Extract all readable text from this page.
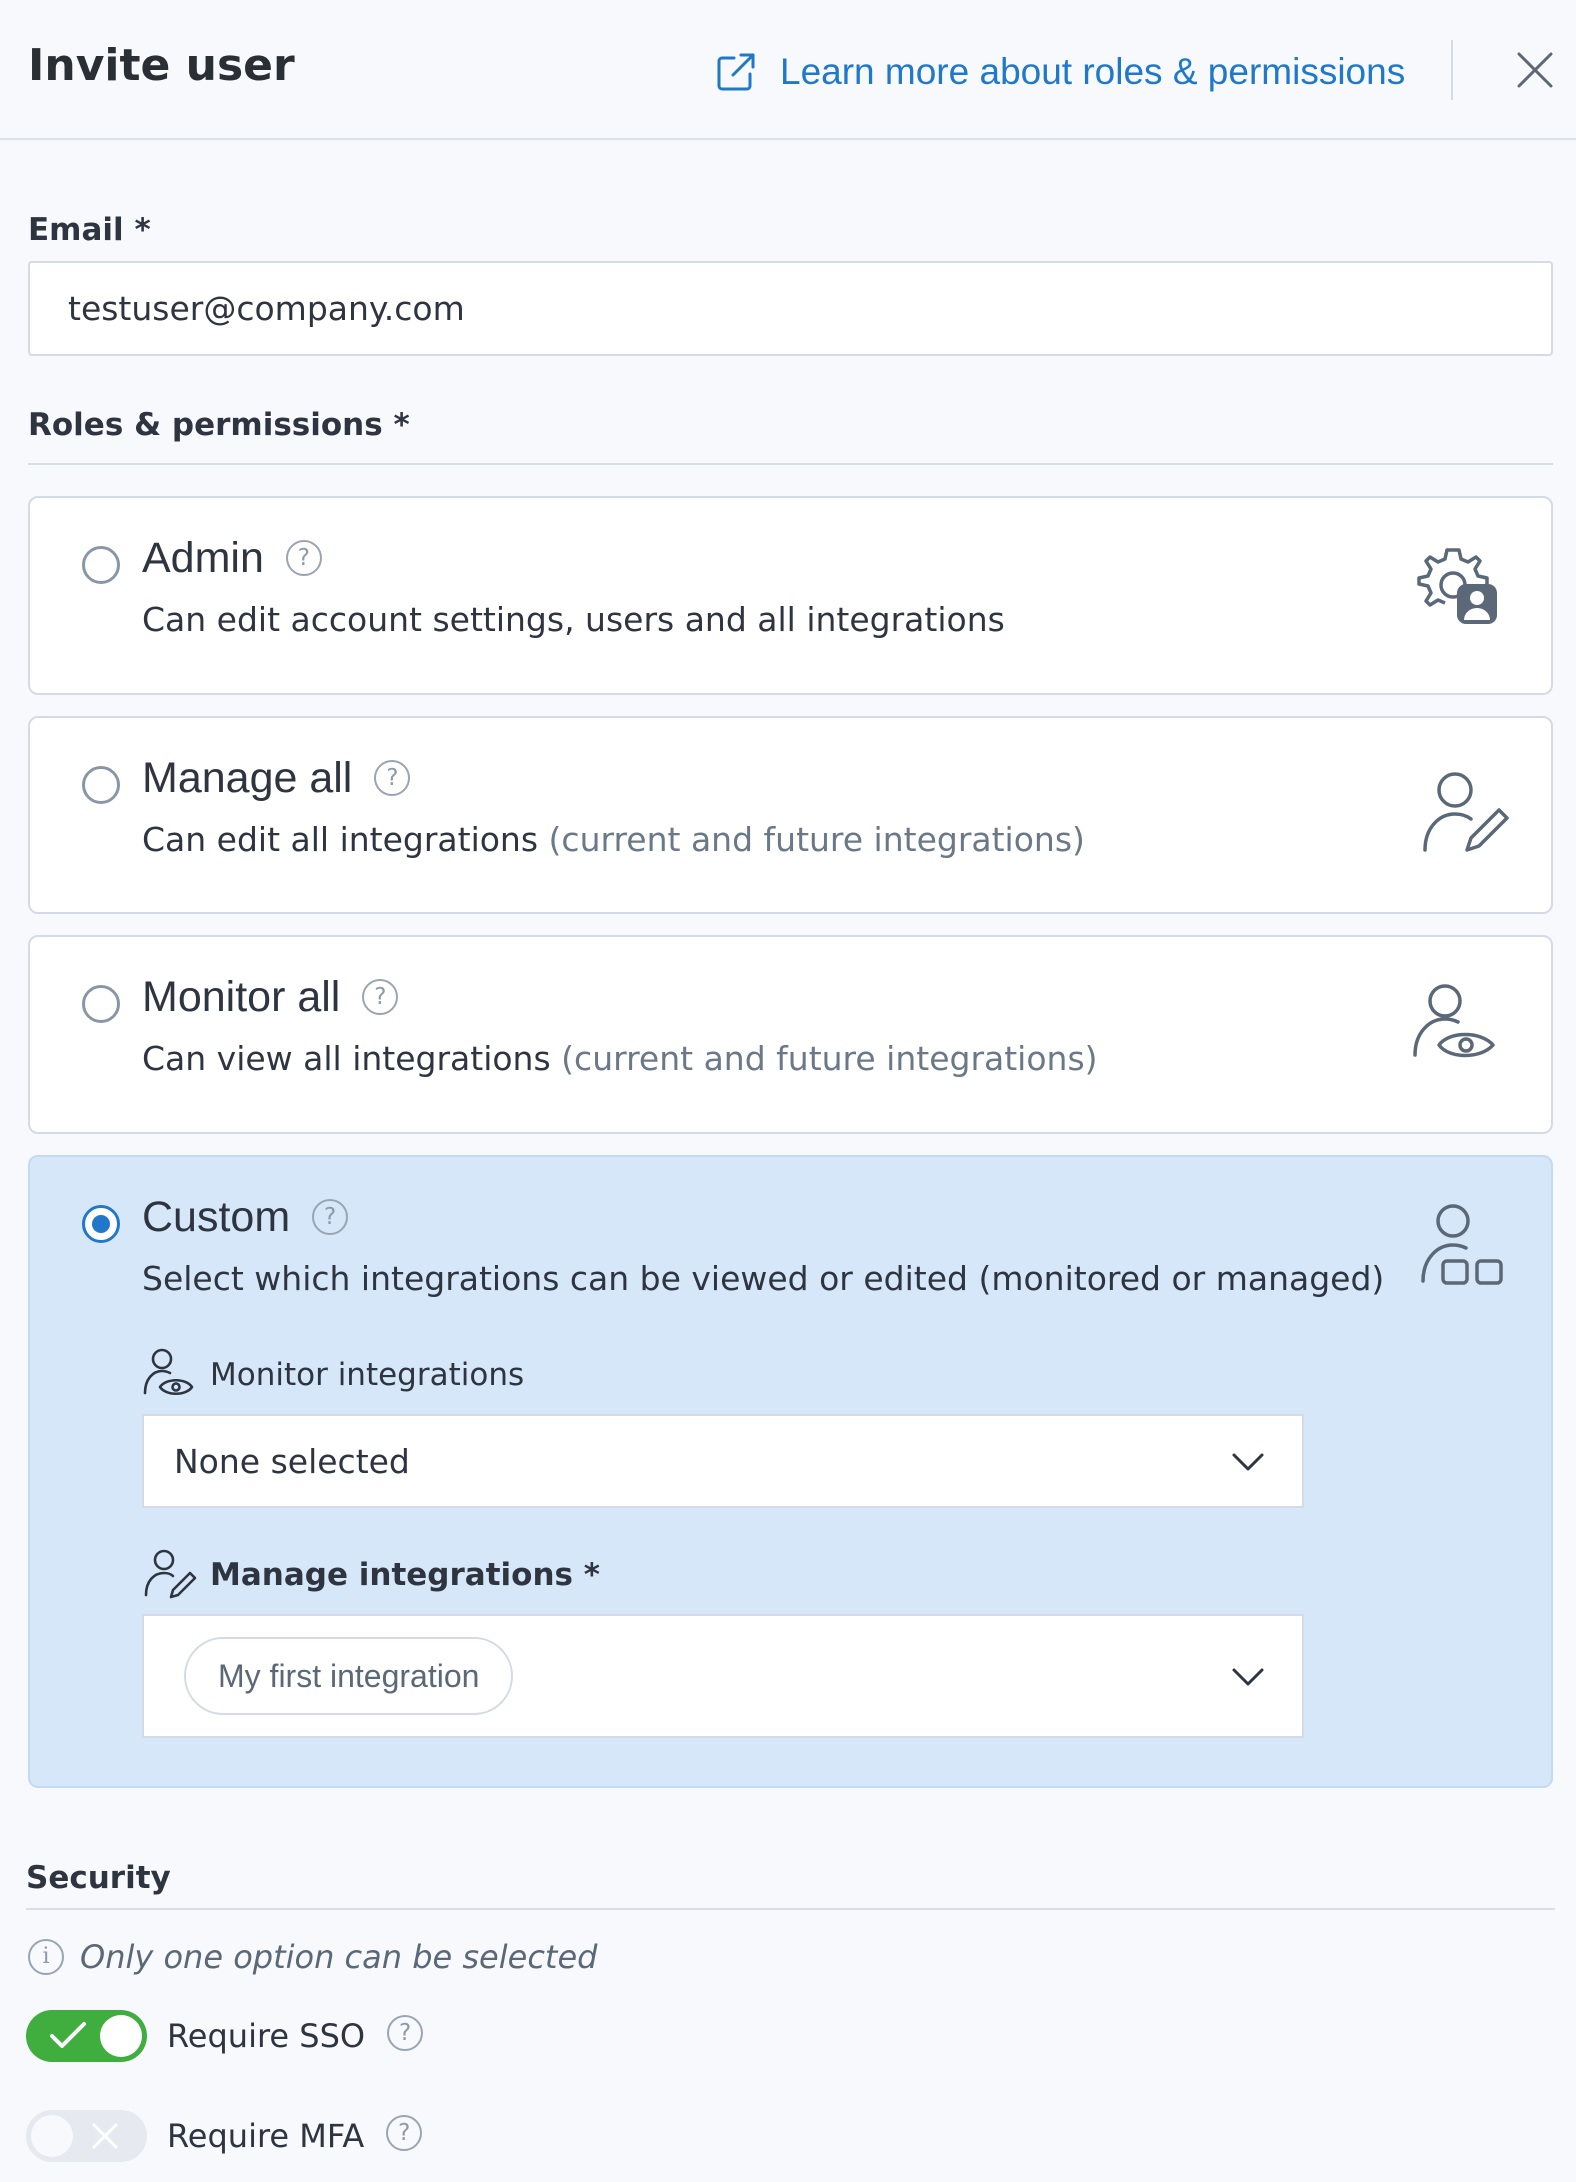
Invite user	Learn more about roles & permissions
Email *
testuser@company.com
Roles & permissions *
Admin ?
Can edit account settings, users and all integrations
Manage all ?
Can edit all integrations (current and future integrations)
Monitor all ?
Can view all integrations (current and future integrations)
Custom ?
Select which integrations can be viewed or edited (monitored or managed)
Monitor integrations
None selected
Manage integrations *
My first integration
Security
i Only one option can be selected
Require SSO	?
Require MFA	?
